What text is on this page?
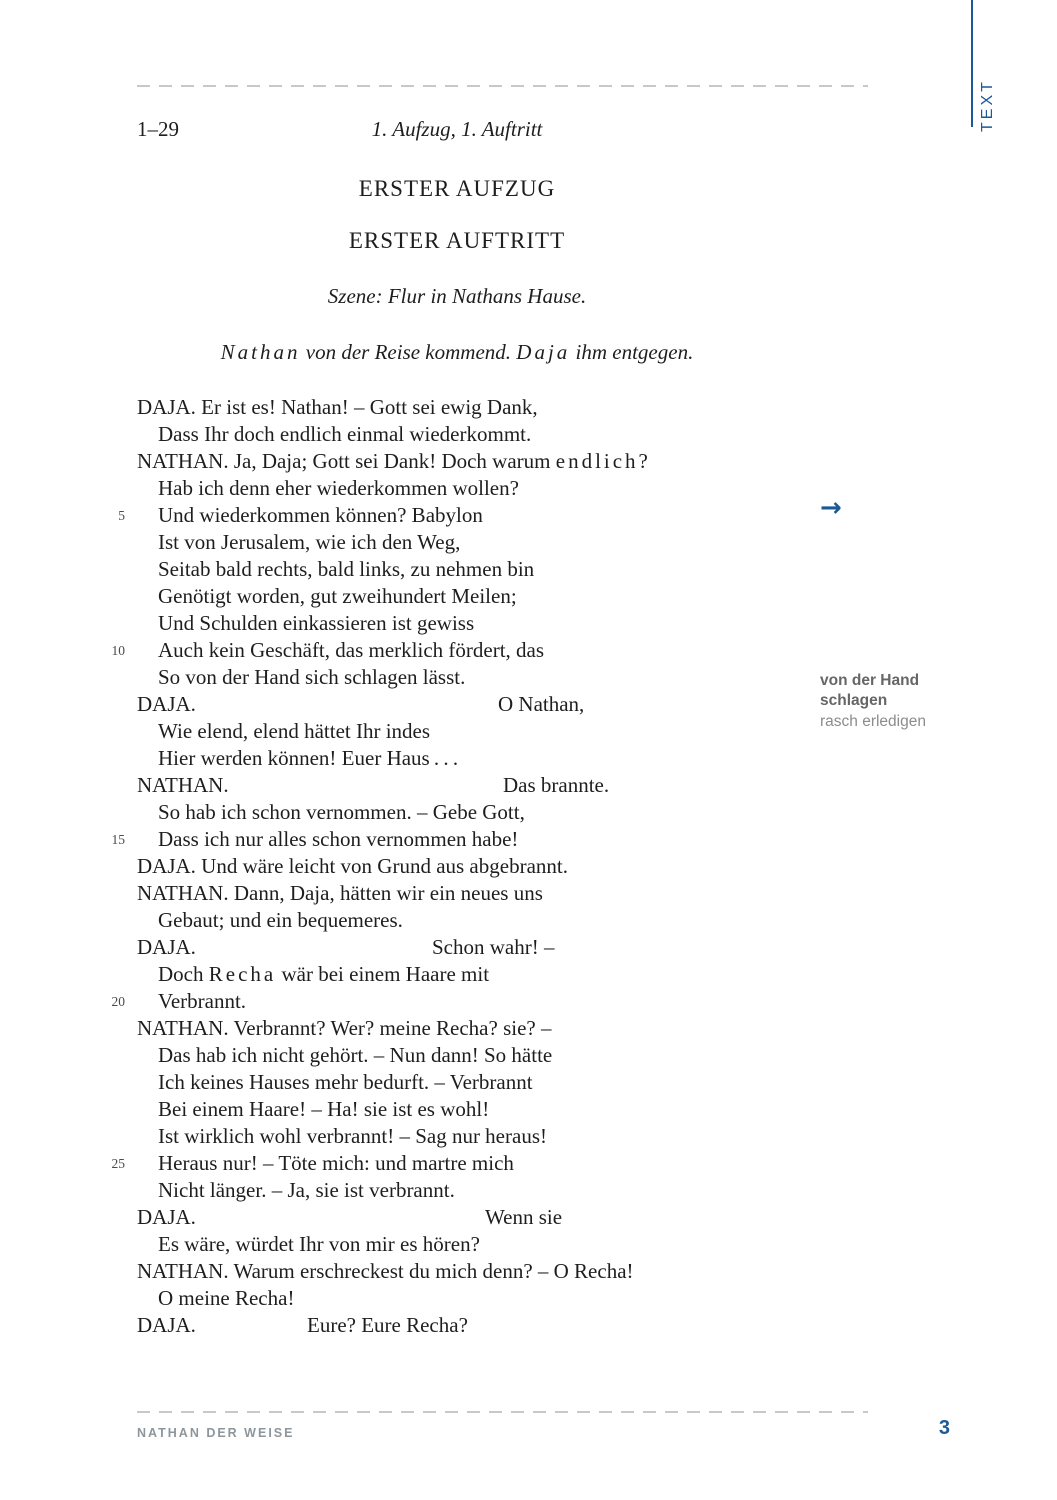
TEXT
1–29	1. Aufzug, 1. Auftritt
ERSTER AUFZUG
ERSTER AUFTRITT
Szene: Flur in Nathans Hause.
Nathan von der Reise kommend. Daja ihm entgegen.
DAJA. Er ist es! Nathan! – Gott sei ewig Dank,
Dass Ihr doch endlich einmal wiederkommt.
NATHAN. Ja, Daja; Gott sei Dank! Doch warum endlich?
Hab ich denn eher wiederkommen wollen?
5 Und wiederkommen können? Babylon
Ist von Jerusalem, wie ich den Weg,
Seitab bald rechts, bald links, zu nehmen bin
Genötigt worden, gut zweihundert Meilen;
Und Schulden einkassieren ist gewiss
10 Auch kein Geschäft, das merklich fördert, das
So von der Hand sich schlagen lässt.
DAJA.	O Nathan,
Wie elend, elend hättet Ihr indes
Hier werden können! Euer Haus . . .
NATHAN.	Das brannte.
So hab ich schon vernommen. – Gebe Gott,
15 Dass ich nur alles schon vernommen habe!
DAJA. Und wäre leicht von Grund aus abgebrannt.
NATHAN. Dann, Daja, hätten wir ein neues uns
Gebaut; und ein bequemeres.
DAJA.	Schon wahr! –
Doch Recha wär bei einem Haare mit
20 Verbrannt.
NATHAN. Verbrannt? Wer? meine Recha? sie? –
Das hab ich nicht gehört. – Nun dann! So hätte
Ich keines Hauses mehr bedurft. – Verbrannt
Bei einem Haare! – Ha! sie ist es wohl!
Ist wirklich wohl verbrannt! – Sag nur heraus!
25 Heraus nur! – Töte mich: und martre mich
Nicht länger. – Ja, sie ist verbrannt.
DAJA.	Wenn sie
Es wäre, würdet Ihr von mir es hören?
NATHAN. Warum erschreckest du mich denn? – O Recha!
O meine Recha!
DAJA.	Eure? Eure Recha?
→
von der Hand schlagen
rasch erledigen
NATHAN DER WEISE	3
